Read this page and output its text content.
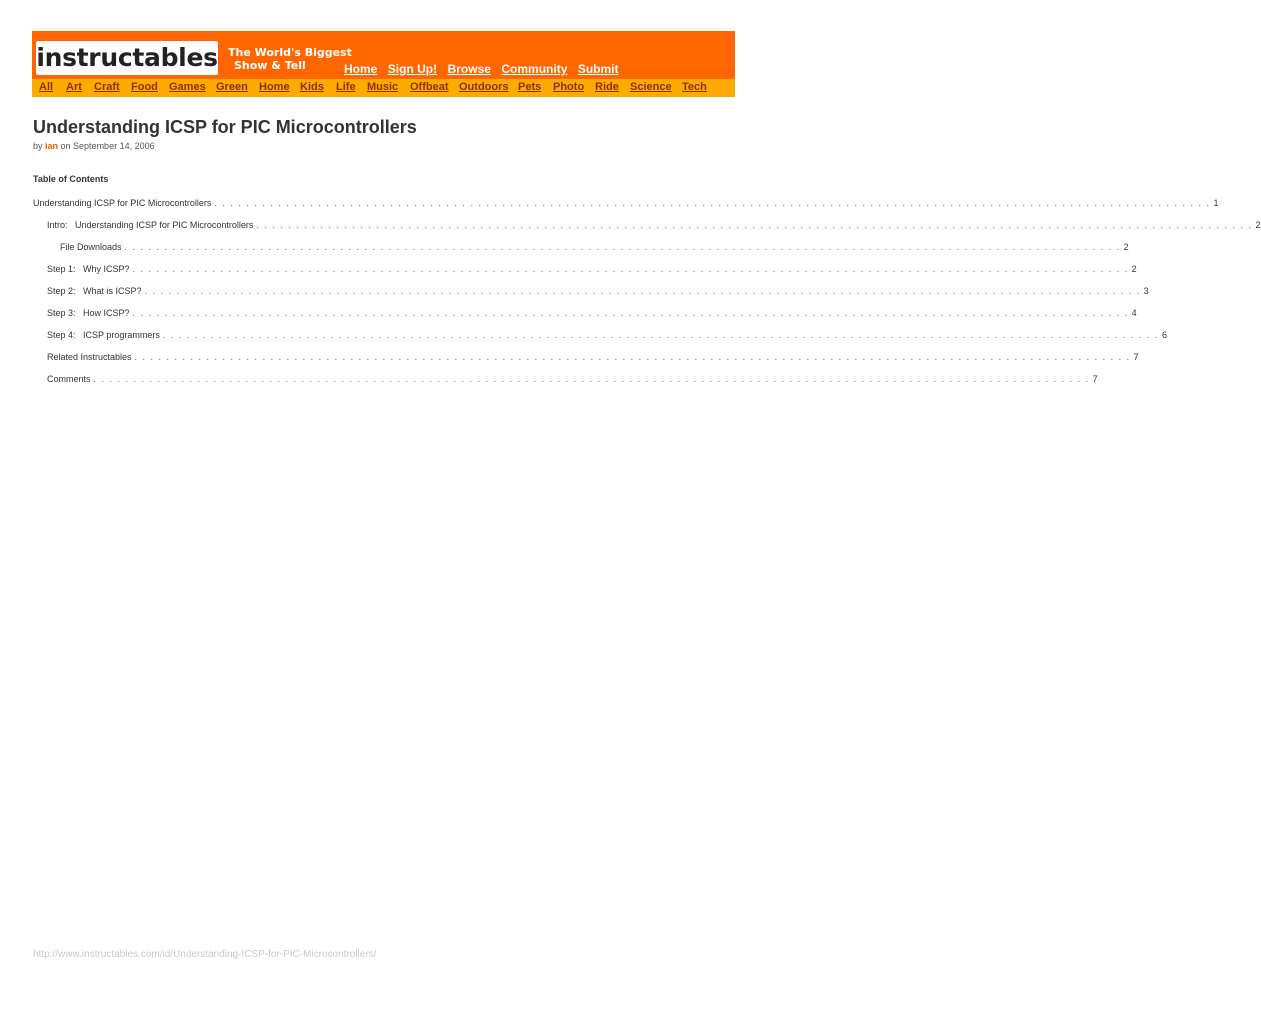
instructables The World's Biggest
Show & Tell	Home Sign Up! Browse Community Submit
All Art Craft Food Games Green Home Kids Life Music Offbeat Outdoors Pets Photo Ride Science Tech
Understanding ICSP for PIC Microcontrollers
by ian on September 14, 2006
Table of Contents
Understanding ICSP for PIC Microcontrollers . . . . . . . . . . . . . . . . . . . . . . . . . . . . . . . . . . . . . . . . . . . . . . . . . . . . . . . . . . . . . . . . . . . . . . . . . . . . . . . . . . . . . . . . . . . . . . . . . . . . . . . . . . . . . . . . . . . . . . . . . . . . . 1
Intro:   Understanding ICSP for PIC Microcontrollers . . . . . . . . . . . . . . . . . . . . . . . . . . . . . . . . . . . . . . . . . . . . . . . . . . . . . . . . . . . . . . . . . . . . . . . . . . . . . . . . . . . . . . . . . . . . . . . . . . . . . . . . . . . . . . . . . . . . . . . . . . . . . 2
File Downloads . . . . . . . . . . . . . . . . . . . . . . . . . . . . . . . . . . . . . . . . . . . . . . . . . . . . . . . . . . . . . . . . . . . . . . . . . . . . . . . . . . . . . . . . . . . . . . . . . . . . . . . . . . . . . . . . . . . . . . . . . . . . . 2
Step 1:   Why ICSP? . . . . . . . . . . . . . . . . . . . . . . . . . . . . . . . . . . . . . . . . . . . . . . . . . . . . . . . . . . . . . . . . . . . . . . . . . . . . . . . . . . . . . . . . . . . . . . . . . . . . . . . . . . . . . . . . . . . . . . . . . . . . . 2
Step 2:   What is ICSP? . . . . . . . . . . . . . . . . . . . . . . . . . . . . . . . . . . . . . . . . . . . . . . . . . . . . . . . . . . . . . . . . . . . . . . . . . . . . . . . . . . . . . . . . . . . . . . . . . . . . . . . . . . . . . . . . . . . . . . . . . . . . . 3
Step 3:   How ICSP? . . . . . . . . . . . . . . . . . . . . . . . . . . . . . . . . . . . . . . . . . . . . . . . . . . . . . . . . . . . . . . . . . . . . . . . . . . . . . . . . . . . . . . . . . . . . . . . . . . . . . . . . . . . . . . . . . . . . . . . . . . . . . 4
Step 4:   ICSP programmers . . . . . . . . . . . . . . . . . . . . . . . . . . . . . . . . . . . . . . . . . . . . . . . . . . . . . . . . . . . . . . . . . . . . . . . . . . . . . . . . . . . . . . . . . . . . . . . . . . . . . . . . . . . . . . . . . . . . . . . . . . . . . 6
Related Instructables . . . . . . . . . . . . . . . . . . . . . . . . . . . . . . . . . . . . . . . . . . . . . . . . . . . . . . . . . . . . . . . . . . . . . . . . . . . . . . . . . . . . . . . . . . . . . . . . . . . . . . . . . . . . . . . . . . . . . . . . . . . . . 7
Comments . . . . . . . . . . . . . . . . . . . . . . . . . . . . . . . . . . . . . . . . . . . . . . . . . . . . . . . . . . . . . . . . . . . . . . . . . . . . . . . . . . . . . . . . . . . . . . . . . . . . . . . . . . . . . . . . . . . . . . . . . . . . . 7
http://www.instructables.com/id/Understanding-ICSP-for-PIC-Microcontrollers/
